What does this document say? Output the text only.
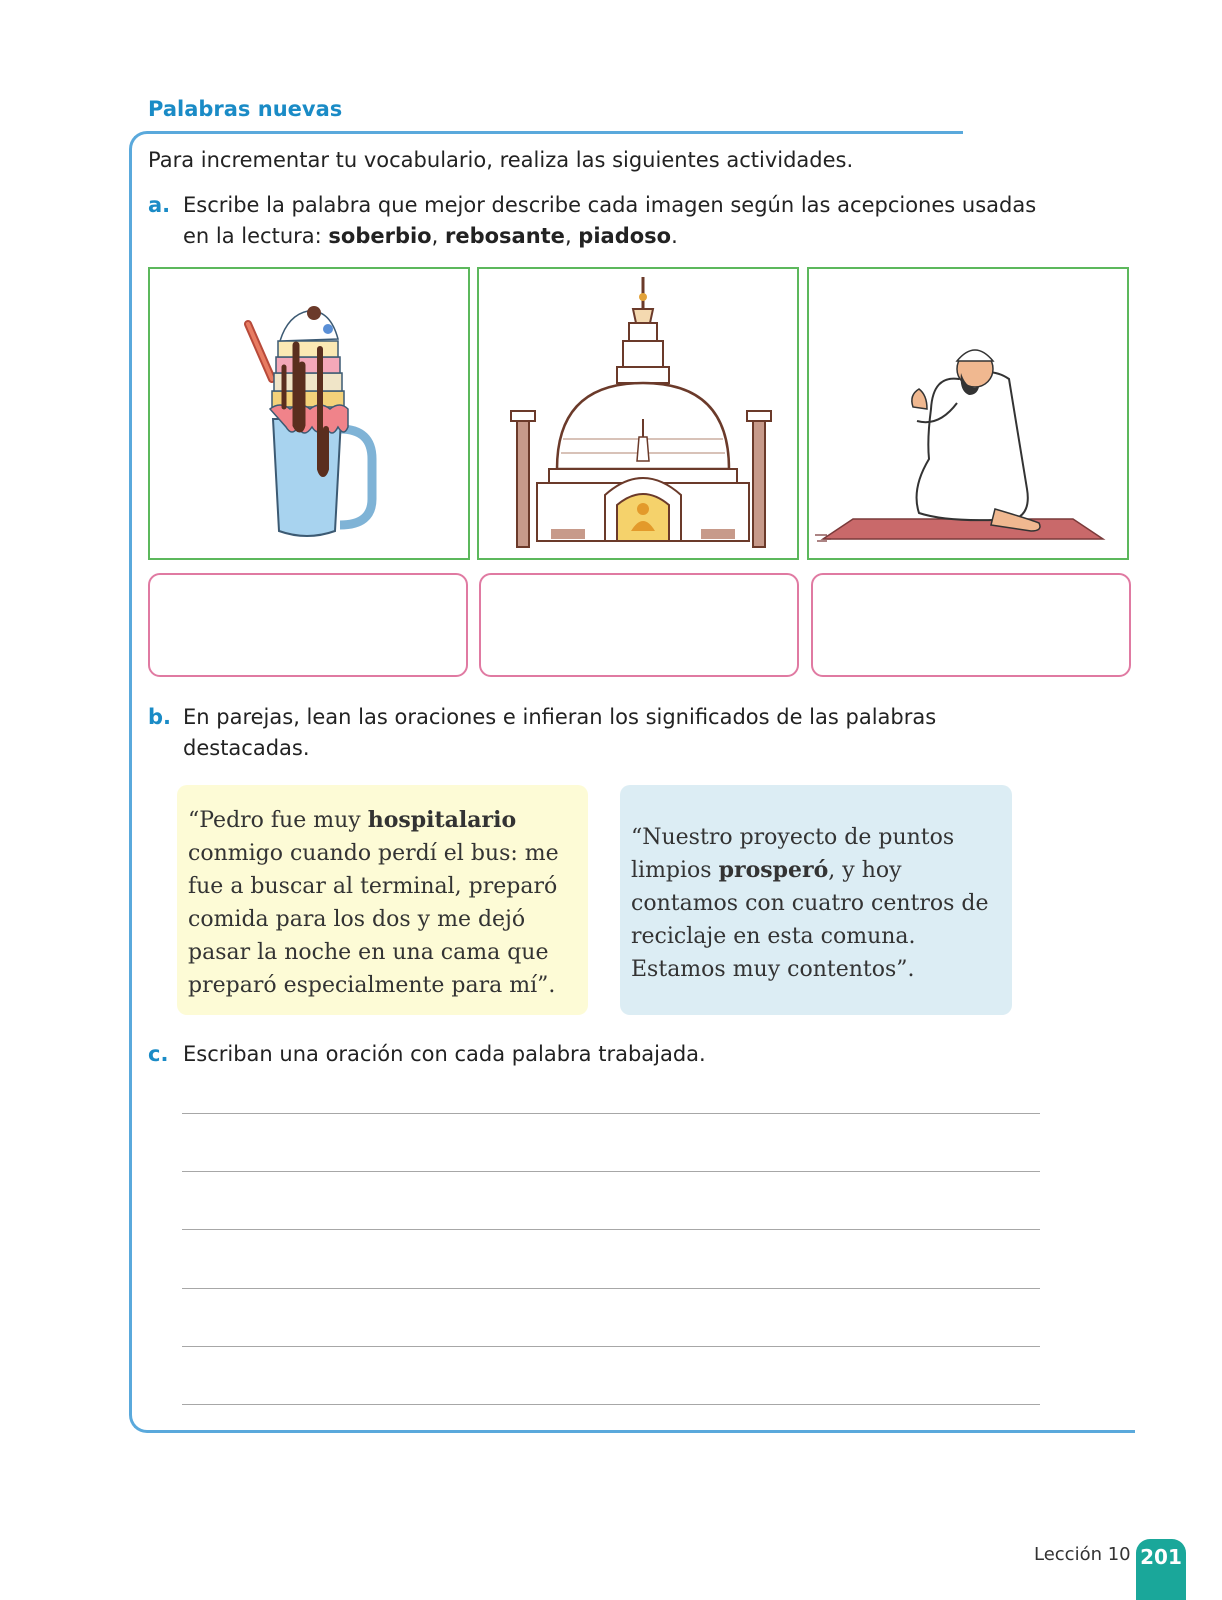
Palabras nuevas
Para incrementar tu vocabulario, realiza las siguientes actividades.
a. Escribe la palabra que mejor describe cada imagen según las acepciones usadas en la lectura: soberbio, rebosante, piadoso.
b. En parejas, lean las oraciones e infieran los significados de las palabras destacadas.
“Pedro fue muy hospitalario conmigo cuando perdí el bus: me fue a buscar al terminal, preparó comida para los dos y me dejó pasar la noche en una cama que preparó especialmente para mí”.
“Nuestro proyecto de puntos limpios prosperó, y hoy contamos con cuatro centros de reciclaje en esta comuna. Estamos muy contentos”.
c. Escriban una oración con cada palabra trabajada.
Lección 10 201
